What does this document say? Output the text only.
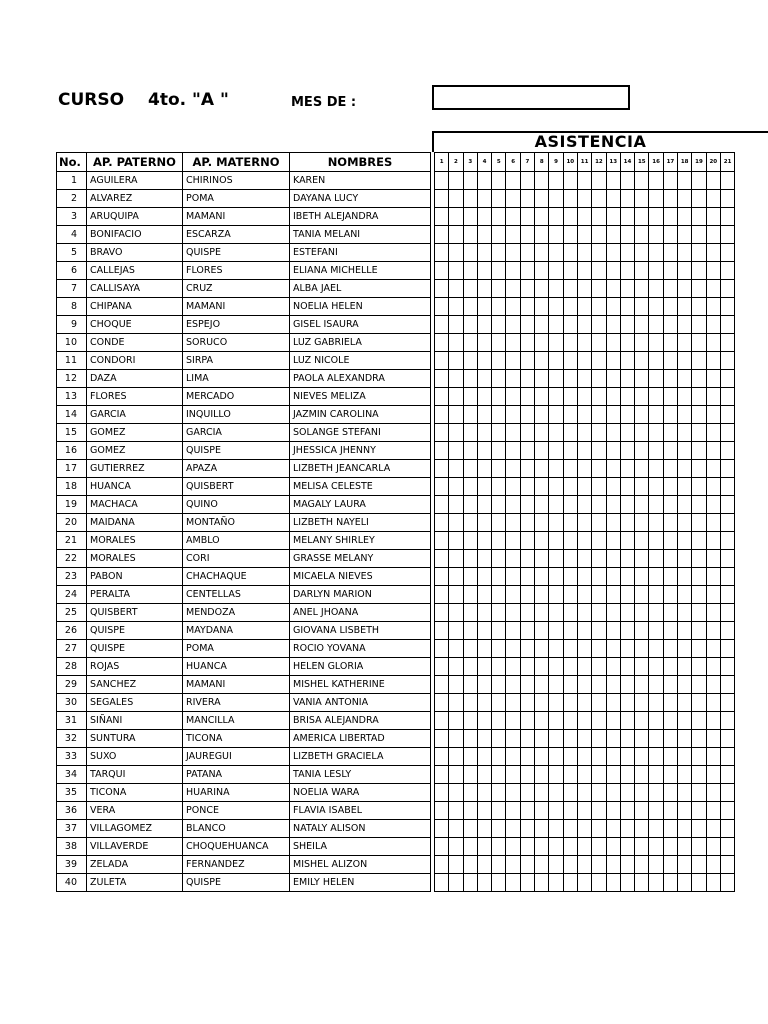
CURSO 4to. "A "	MES DE :
ASISTENCIA
No.	AP. PATERNO	AP. MATERNO	NOMBRES		1	2	3	4	5	6	7	8	9	10	11	12	13	14	15	16	17	18	19	20	21
1	AGUILERA	CHIRINOS	KAREN																						
2	ALVAREZ	POMA	DAYANA LUCY																						
3	ARUQUIPA	MAMANI	IBETH ALEJANDRA																						
4	BONIFACIO	ESCARZA	TANIA MELANI																						
5	BRAVO	QUISPE	ESTEFANI																						
6	CALLEJAS	FLORES	ELIANA MICHELLE																						
7	CALLISAYA	CRUZ	ALBA JAEL																						
8	CHIPANA	MAMANI	NOELIA HELEN																						
9	CHOQUE	ESPEJO	GISEL ISAURA																						
10	CONDE	SORUCO	LUZ GABRIELA																						
11	CONDORI	SIRPA	LUZ NICOLE																						
12	DAZA	LIMA	PAOLA ALEXANDRA																						
13	FLORES	MERCADO	NIEVES MELIZA																						
14	GARCIA	INQUILLO	JAZMIN CAROLINA																						
15	GOMEZ	GARCIA	SOLANGE STEFANI																						
16	GOMEZ	QUISPE	JHESSICA JHENNY																						
17	GUTIERREZ	APAZA	LIZBETH JEANCARLA																						
18	HUANCA	QUISBERT	MELISA CELESTE																						
19	MACHACA	QUINO	MAGALY LAURA																						
20	MAIDANA	MONTAÑO	LIZBETH NAYELI																						
21	MORALES	AMBLO	MELANY SHIRLEY																						
22	MORALES	CORI	GRASSE MELANY																						
23	PABON	CHACHAQUE	MICAELA NIEVES																						
24	PERALTA	CENTELLAS	DARLYN MARION																						
25	QUISBERT	MENDOZA	ANEL JHOANA																						
26	QUISPE	MAYDANA	GIOVANA LISBETH																						
27	QUISPE	POMA	ROCIO YOVANA																						
28	ROJAS	HUANCA	HELEN GLORIA																						
29	SANCHEZ	MAMANI	MISHEL KATHERINE																						
30	SEGALES	RIVERA	VANIA ANTONIA																						
31	SIÑANI	MANCILLA	BRISA ALEJANDRA																						
32	SUNTURA	TICONA	AMERICA LIBERTAD																						
33	SUXO	JAUREGUI	LIZBETH GRACIELA																						
34	TARQUI	PATANA	TANIA LESLY																						
35	TICONA	HUARINA	NOELIA WARA																						
36	VERA	PONCE	FLAVIA ISABEL																						
37	VILLAGOMEZ	BLANCO	NATALY ALISON																						
38	VILLAVERDE	CHOQUEHUANCA	SHEILA																						
39	ZELADA	FERNANDEZ	MISHEL ALIZON																						
40	ZULETA	QUISPE	EMILY HELEN																						
